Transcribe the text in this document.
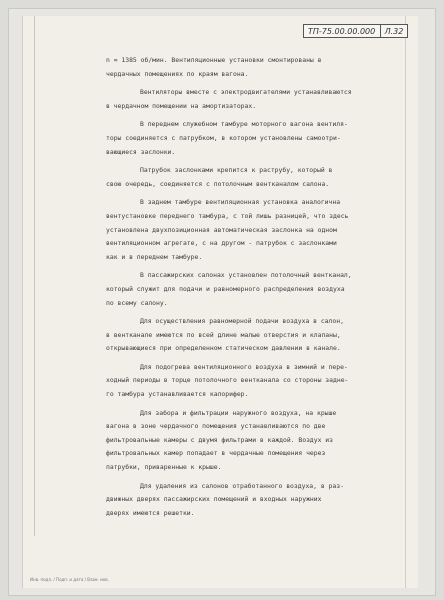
ТП-75.00.00.000	Л.32
n = 1385 об/мин. Вентиляционные установки смонтированы в
чердачных помещениях по краям вагона.
Вентиляторы вместе с электродвигателями устанавливаются
в чердачном помещении на амортизаторах.
В переднем служебном тамбуре моторного вагона вентиля-
торы соединяется с патрубком, в котором установлены самоотри-
вающиеся заслонки.
Патрубок заслонками крепится к раструбу, который в
свою очередь, соединяется с потолочным вентканалом салона.
В заднем тамбуре вентиляционная установка аналогична
вентустановке переднего тамбура, с той лишь разницей, что здесь
установлена двухпозиционная автоматическая заслонка на одном
вентиляционном агрегате, с на другом - патрубок с заслонками
как и в переднем тамбуре.
В пассажирских салонах установлен потолочный вентканал,
который служит для подачи и равномерного распределения воздуха
по всему салону.
Для осуществления равномерной подачи воздуха в салон,
в вентканале имеются по всей длине малые отверстия и клапаны,
открывающиеся при определенном статическом давлении в канале.
Для подогрева вентиляционного воздуха в зимний и пере-
ходный периоды в торце потолочного вентканала со стороны задне-
го тамбура устанавливается калорифер.
Для забора и фильтрации наружного воздуха, на крыше
вагона в зоне чердачного помещения устанавливаются по две
фильтровальные камеры с двумя фильтрами в каждой. Воздух из
фильтровальных камер попадает в чердачные помещения через
патрубки, приваренные к крыше.
Для удаления из салонов отработанного воздуха, в раз-
движных дверях пассажирских помещений и входных наружних
дверях имеются решетки.
Инв. подл. / Подп. и дата / Взам. инв.
